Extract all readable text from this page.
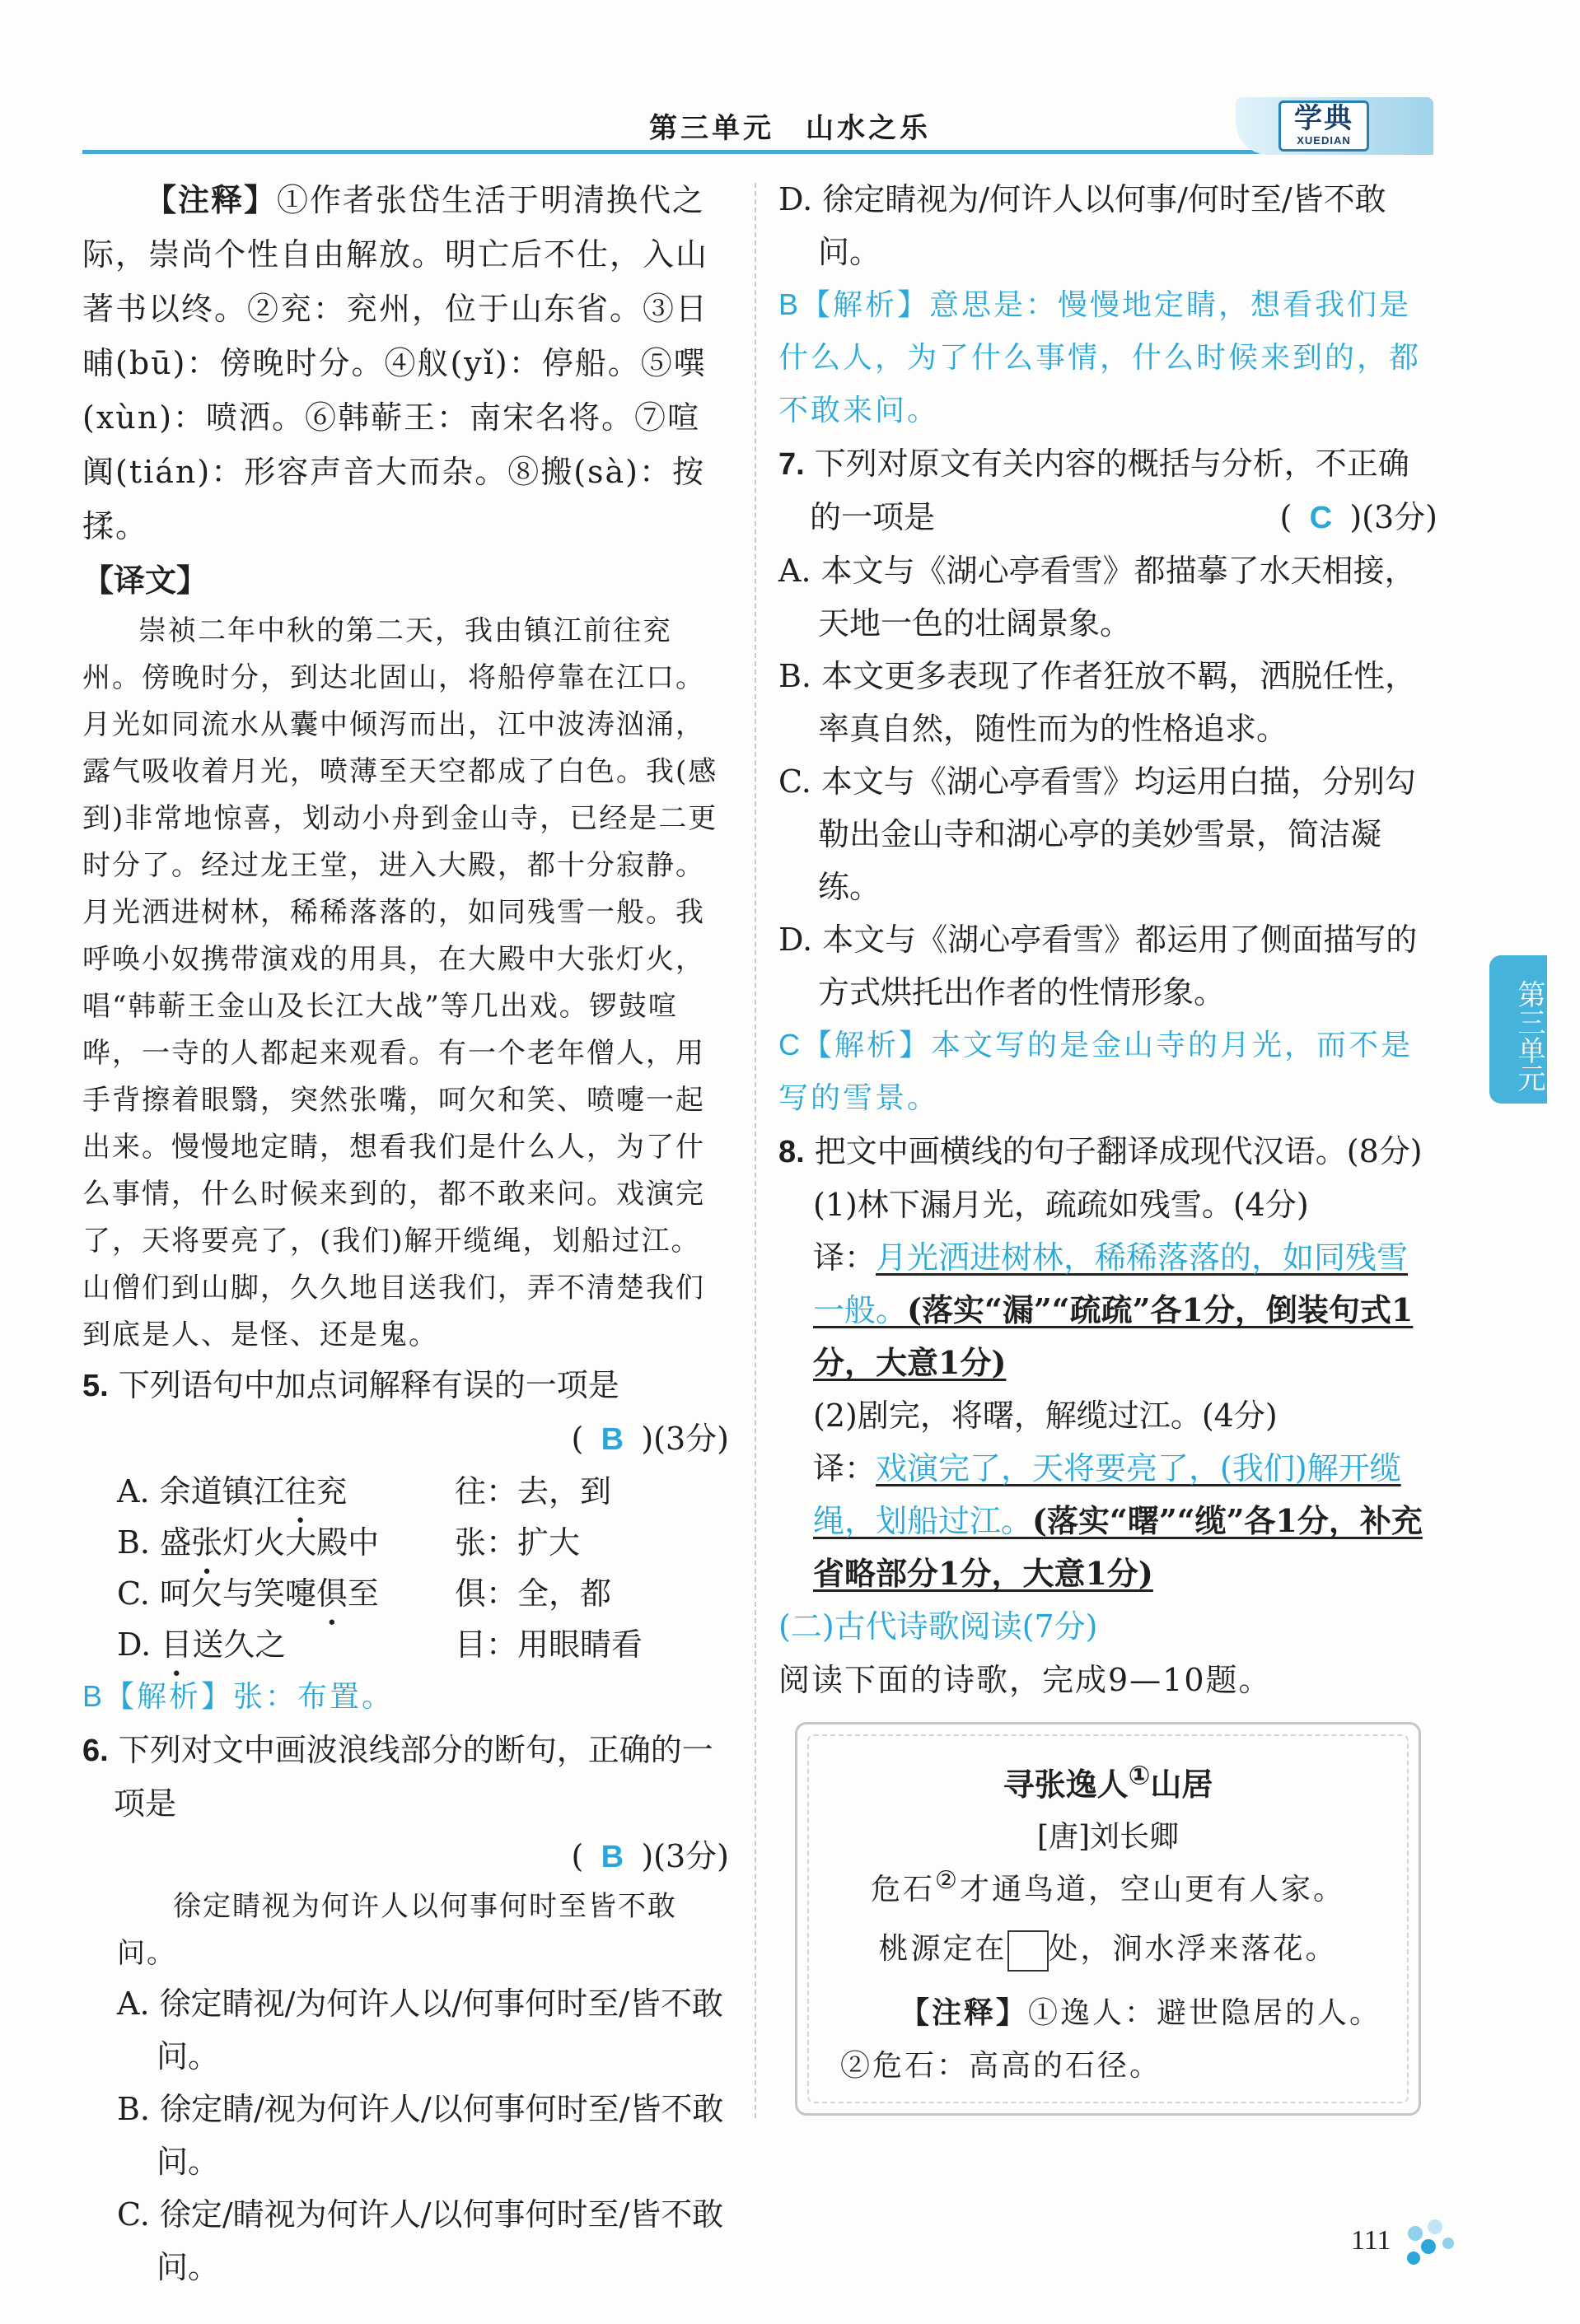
第三单元　山水之乐	学典
XUEDIAN
【注释】①作者张岱生活于明清换代之际，崇尚个性自由解放。明亡后不仕，入山著书以终。②兖：兖州，位于山东省。③日晡(bū)：傍晚时分。④舣(yǐ)：停船。⑤噀(xùn)：喷洒。⑥韩蕲王：南宋名将。⑦喧阗(tián)：形容声音大而杂。⑧搬(sà)：按揉。
【译文】
崇祯二年中秋的第二天，我由镇江前往兖州。傍晚时分，到达北固山，将船停靠在江口。月光如同流水从囊中倾泻而出，江中波涛汹涌，露气吸收着月光，喷薄至天空都成了白色。我(感到)非常地惊喜，划动小舟到金山寺，已经是二更时分了。经过龙王堂，进入大殿，都十分寂静。月光洒进树林，稀稀落落的，如同残雪一般。我呼唤小奴携带演戏的用具，在大殿中大张灯火，唱“韩蕲王金山及长江大战”等几出戏。锣鼓喧哗，一寺的人都起来观看。有一个老年僧人，用手背擦着眼翳，突然张嘴，呵欠和笑、喷嚏一起出来。慢慢地定睛，想看我们是什么人，为了什么事情，什么时候来到的，都不敢来问。戏演完了，天将要亮了，(我们)解开缆绳，划船过江。山僧们到山脚，久久地目送我们，弄不清楚我们到底是人、是怪、还是鬼。
5. 下列语句中加点词解释有误的一项是
( B )(3分)
A. 余道镇江往兖	往：去，到
B. 盛张灯火大殿中	张：扩大
C. 呵欠与笑嚏俱至	俱：全，都
D. 目送久之	目：用眼睛看
B【解析】张：布置。
6. 下列对文中画波浪线部分的断句，正确的一项是
( B )(3分)
徐定睛视为何许人以何事何时至皆不敢问。
A. 徐定睛视/为何许人以/何事何时至/皆不敢问。
B. 徐定睛/视为何许人/以何事何时至/皆不敢问。
C. 徐定/睛视为何许人/以何事何时至/皆不敢问。
D. 徐定睛视为/何许人以何事/何时至/皆不敢问。
B【解析】意思是：慢慢地定睛，想看我们是什么人，为了什么事情，什么时候来到的，都不敢来问。
7. 下列对原文有关内容的概括与分析，不正确的一项是	( C )(3分)
A. 本文与《湖心亭看雪》都描摹了水天相接，天地一色的壮阔景象。
B. 本文更多表现了作者狂放不羁，洒脱任性，率真自然，随性而为的性格追求。
C. 本文与《湖心亭看雪》均运用白描，分别勾勒出金山寺和湖心亭的美妙雪景，简洁凝练。
D. 本文与《湖心亭看雪》都运用了侧面描写的方式烘托出作者的性情形象。
C【解析】本文写的是金山寺的月光，而不是写的雪景。
8. 把文中画横线的句子翻译成现代汉语。(8分)
(1)林下漏月光，疏疏如残雪。(4分)
译：月光洒进树林，稀稀落落的，如同残雪一般。(落实“漏”“疏疏”各1分，倒装句式1分，大意1分)
(2)剧完，将曙，解缆过江。(4分)
译：戏演完了，天将要亮了，(我们)解开缆绳，划船过江。(落实“曙”“缆”各1分，补充省略部分1分，大意1分)
(二)古代诗歌阅读(7分)
阅读下面的诗歌，完成9—10题。
寻张逸人①山居
[唐]刘长卿
危石②才通鸟道，空山更有人家。
桃源定在 处，涧水浮来落花。
【注释】①逸人：避世隐居的人。②危石：高高的石径。
第三单元
111
